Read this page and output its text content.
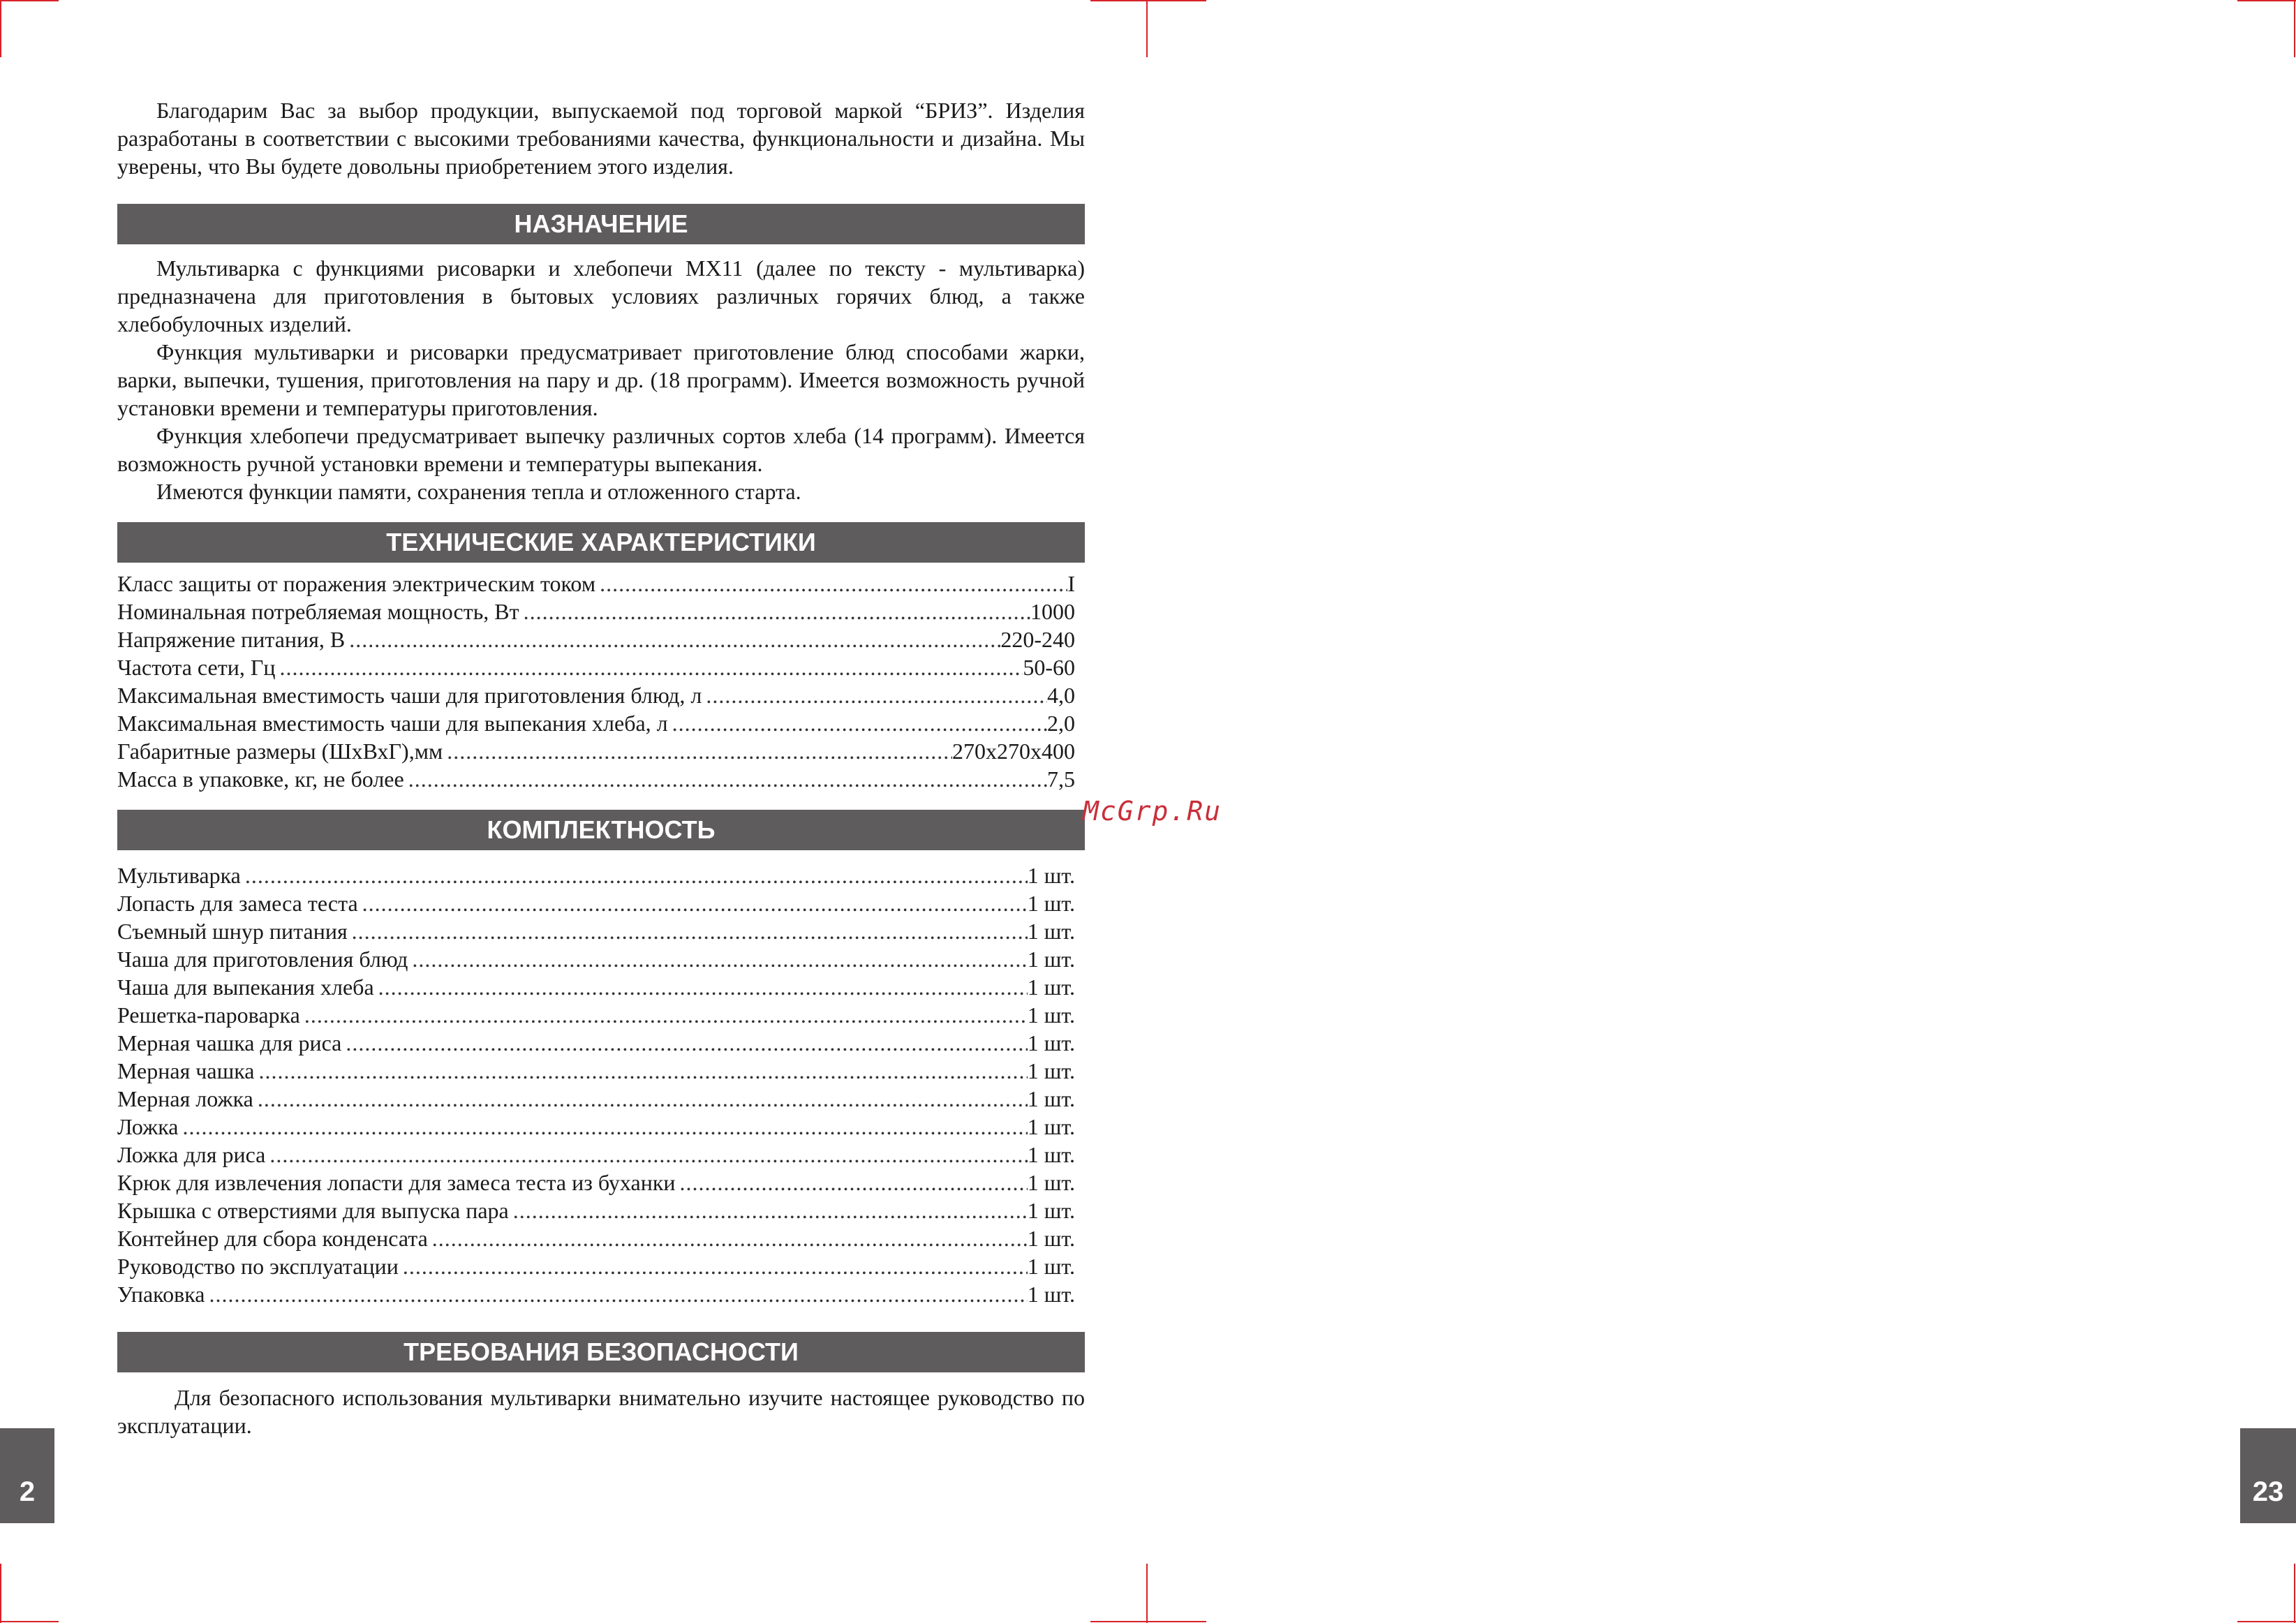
Благодарим Вас за выбор продукции, выпускаемой под торговой маркой “БРИЗ”. Изделия разработаны в соответствии с высокими требованиями качества, функциональности и дизайна. Мы уверены, что Вы будете довольны приобретением этого изделия.

НАЗНАЧЕНИЕ

Мультиварка с функциями рисоварки и хлебопечи МХ11 (далее по тексту - мультиварка) предназначена для приготовления в бытовых условиях различных горячих блюд, а также хлебобулочных изделий.

Функция мультиварки и рисоварки предусматривает приготовление блюд способами жарки, варки, выпечки, тушения, приготовления на пару и др. (18 программ). Имеется возможность ручной установки времени и температуры приготовления.

Функция хлебопечи предусматривает выпечку различных сортов хлеба (14 программ). Имеется возможность ручной установки времени и температуры выпекания.

Имеются функции памяти, сохранения тепла и отложенного старта.

ТЕХНИЧЕСКИЕ ХАРАКТЕРИСТИКИ
Класс защиты от поражения электрическим током .....	I
Номинальная потребляемая мощность, Вт .....	1000
Напряжение питания, В .....	220-240
Частота сети, Гц .....	50-60
Максимальная вместимость чаши для приготовления блюд, л .....	4,0
Максимальная вместимость чаши для выпекания хлеба, л .....	2,0
Габаритные размеры (ШхВхГ),мм .....	270x270x400
Масса в упаковке, кг, не более .....	7,5
КОМПЛЕКТНОСТЬ
Мультиварка .....	1 шт.
Лопасть для замеса теста .....	1 шт.
Съемный шнур питания .....	1 шт.
Чаша для приготовления блюд .....	1 шт.
Чаша для выпекания хлеба .....	1 шт.
Решетка-пароварка .....	1 шт.
Мерная чашка для риса .....	1 шт.
Мерная чашка .....	1 шт.
Мерная ложка .....	1 шт.
Ложка .....	1 шт.
Ложка для риса .....	1 шт.
Крюк для извлечения лопасти для замеса теста из буханки .....	1 шт.
Крышка с отверстиями для выпуска пара .....	1 шт.
Контейнер для сбора конденсата .....	1 шт.
Руководство по эксплуатации .....	1 шт.
Упаковка .....	1 шт.
ТРЕБОВАНИЯ БЕЗОПАСНОСТИ

Для безопасного использования мультиварки внимательно изучите настоящее руководство по эксплуатации.

2	23
McGrp.Ru
